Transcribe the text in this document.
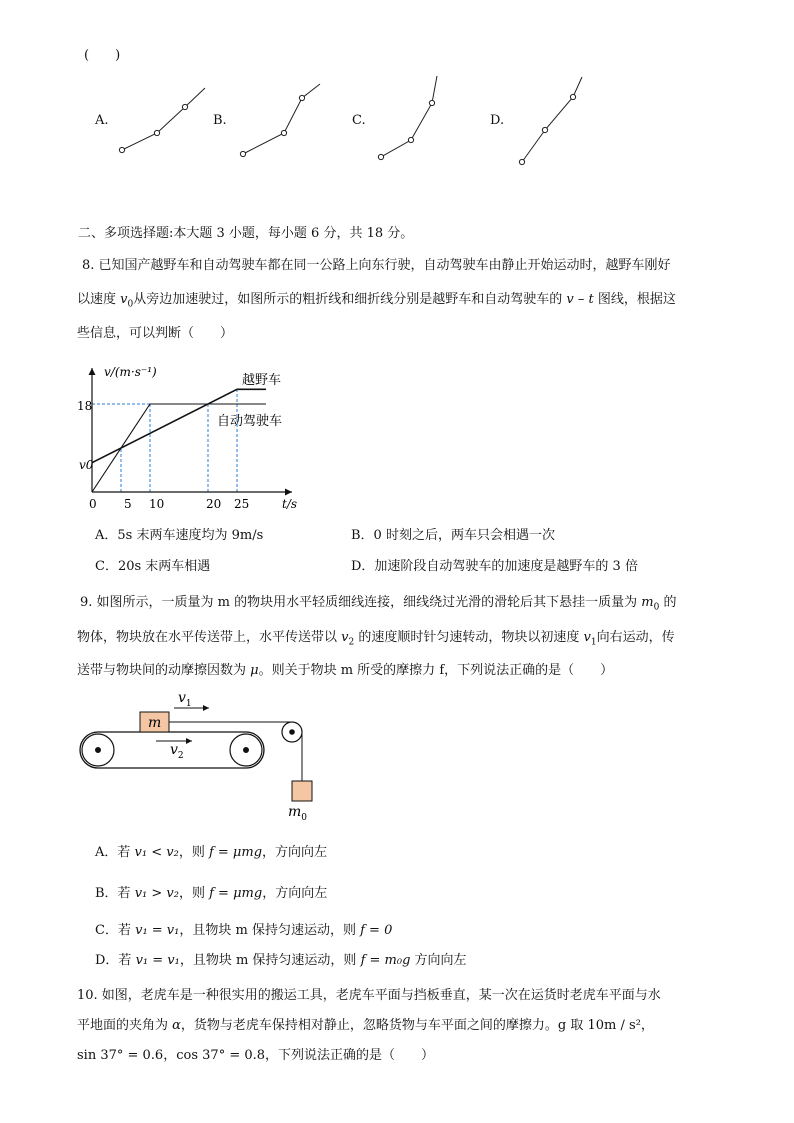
(　　)
A.	B.	C.	D.
二、多项选择题:本大题 3 小题，每小题 6 分，共 18 分。
8. 已知国产越野车和自动驾驶车都在同一公路上向东行驶，自动驾驶车由静止开始运动时，越野车刚好
以速度 $v_0$从旁边加速驶过，如图所示的粗折线和细折线分别是越野车和自动驾驶车的 v – t 图线，根据这
些信息，可以判断（　　）
v/(m·s⁻¹)
t/s
18
v0
0 5 10	20 25
越野车
自动驾驶车
A．5s 末两车速度均为 9m/s	B．0 时刻之后，两车只会相遇一次
C．20s 末两车相遇	D．加速阶段自动驾驶车的加速度是越野车的 3 倍
9. 如图所示，一质量为 m 的物块用水平轻质细线连接，细线绕过光滑的滑轮后其下悬挂一质量为 $m_0$ 的
物体，物块放在水平传送带上，水平传送带以 $v_2$ 的速度顺时针匀速转动，物块以初速度 $v_1$向右运动，传
送带与物块间的动摩擦因数为 μ。则关于物块 m 所受的摩擦力 f，下列说法正确的是（　　）
m
$m_0$
$v_1$
$v_2$
A．若 v₁ < v₂，则 f = μmg，方向向左
B．若 v₁ > v₂，则 f = μmg，方向向左
C．若 v₁ = v₁，且物块 m 保持匀速运动，则 f = 0
D．若 v₁ = v₁，且物块 m 保持匀速运动，则 f = m₀g 方向向左
10. 如图，老虎车是一种很实用的搬运工具，老虎车平面与挡板垂直，某一次在运货时老虎车平面与水
平地面的夹角为 α，货物与老虎车保持相对静止，忽略货物与车平面之间的摩擦力。g 取 10m / s²，
sin 37° = 0.6，cos 37° = 0.8，下列说法正确的是（　　）
